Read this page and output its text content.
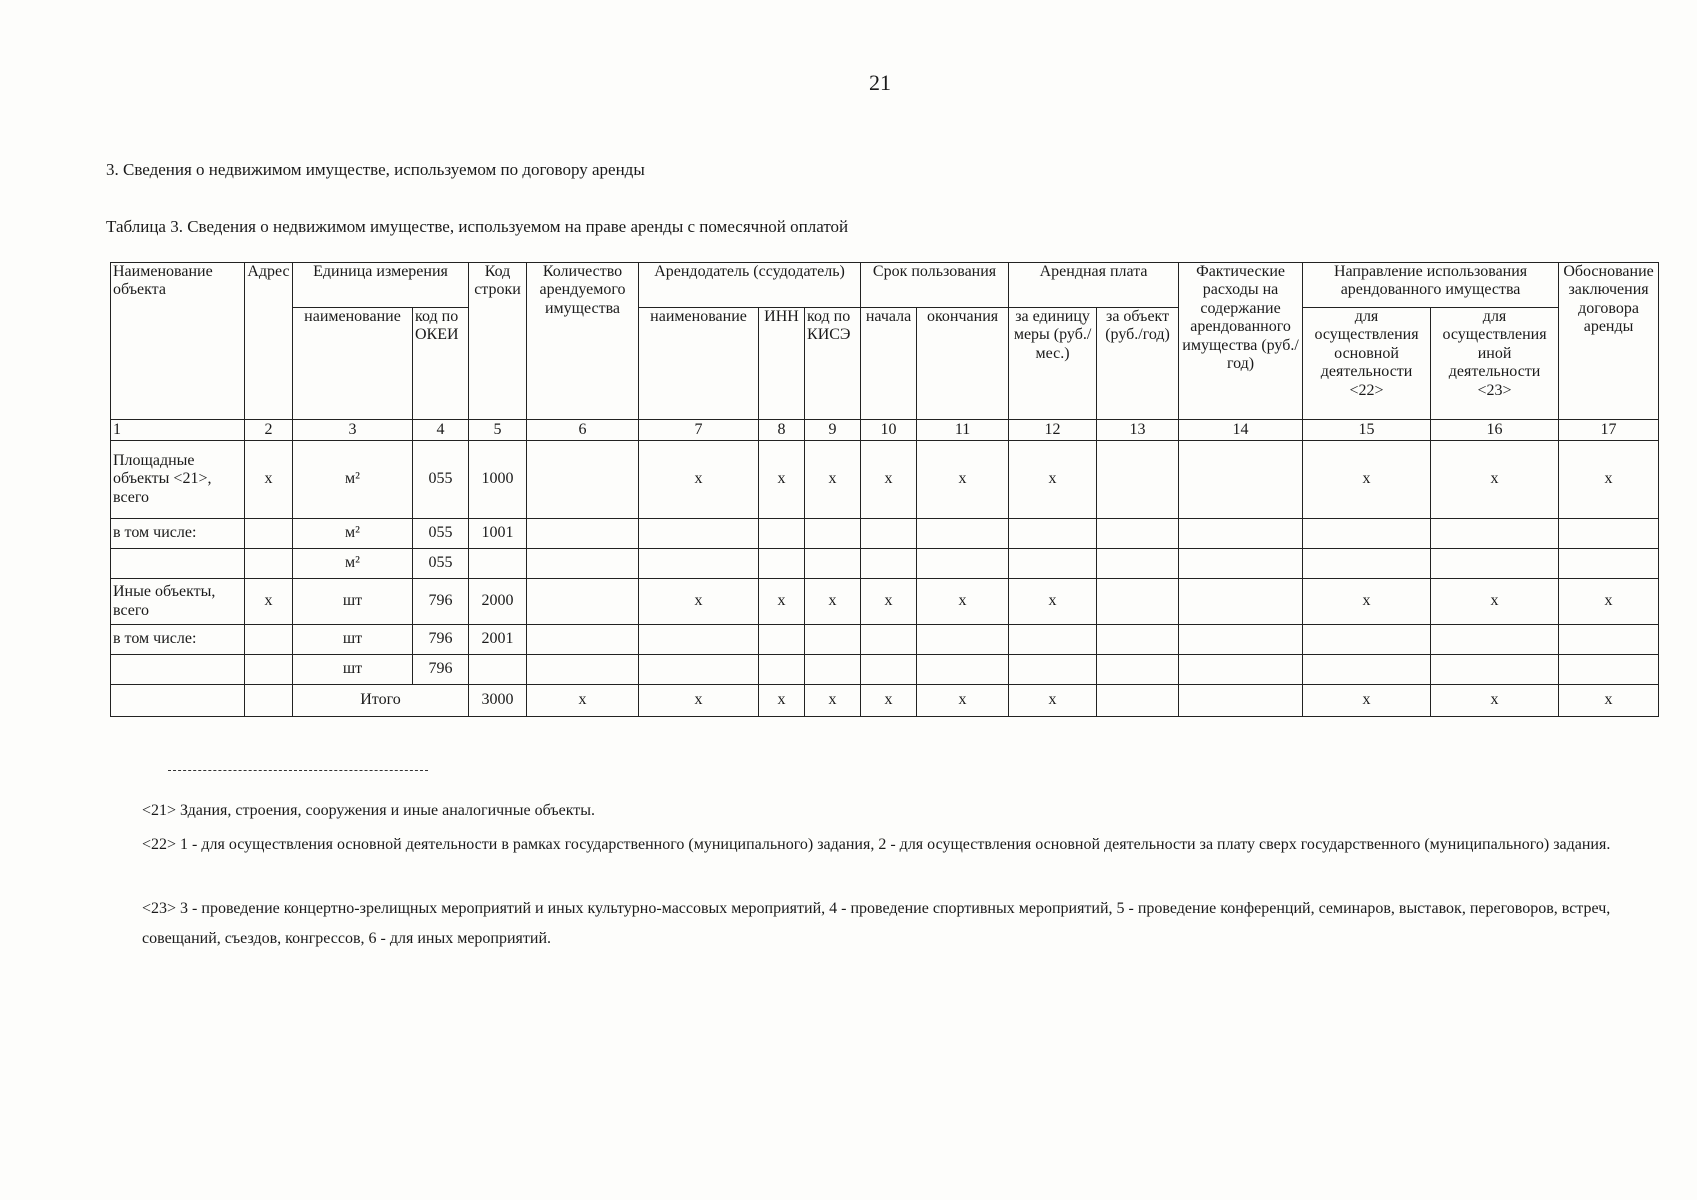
21
3. Сведения о недвижимом имуществе, используемом по договору аренды
Таблица 3. Сведения о недвижимом имуществе, используемом на праве аренды с помесячной оплатой
Наименование объекта	Адрес	Единица измерения		Код строки	Количество арендуемого имущества	Арендодатель (ссудодатель)			Срок пользования		Арендная плата		Фактические расходы на содержание арендованного имущества (руб./год)	Направление использования арендованного имущества		Обоснование заключения договора аренды
		наименование	код по ОКЕИ			наименование	ИНН	код по КИСЭ	начала	окончания	за единицу меры (руб./мес.)	за объект (руб./год)		для осуществления основной деятельности <22>	для осуществления иной деятельности <23>	
1	2	3	4	5	6	7	8	9	10	11	12	13	14	15	16	17
Площадные объекты <21>, всего	х	м²	055	1000		х	х	х	х	х	х			х	х	х
в том числе:		м²	055	1001												
		м²	055													
Иные объекты, всего	х	шт	796	2000		х	х	х	х	х	х			х	х	х
в том числе:		шт	796	2001												
		шт	796													
		Итого		3000	х	х	х	х	х	х	х			х	х	х
<21> Здания, строения, сооружения и иные аналогичные объекты.
<22> 1 - для осуществления основной деятельности в рамках государственного (муниципального) задания, 2 - для осуществления основной деятельности за плату сверх государственного (муниципального) задания.
<23> 3 - проведение концертно-зрелищных мероприятий и иных культурно-массовых мероприятий, 4 - проведение спортивных мероприятий, 5 - проведение конференций, семинаров, выставок, переговоров, встреч, совещаний, съездов, конгрессов, 6 - для иных мероприятий.
